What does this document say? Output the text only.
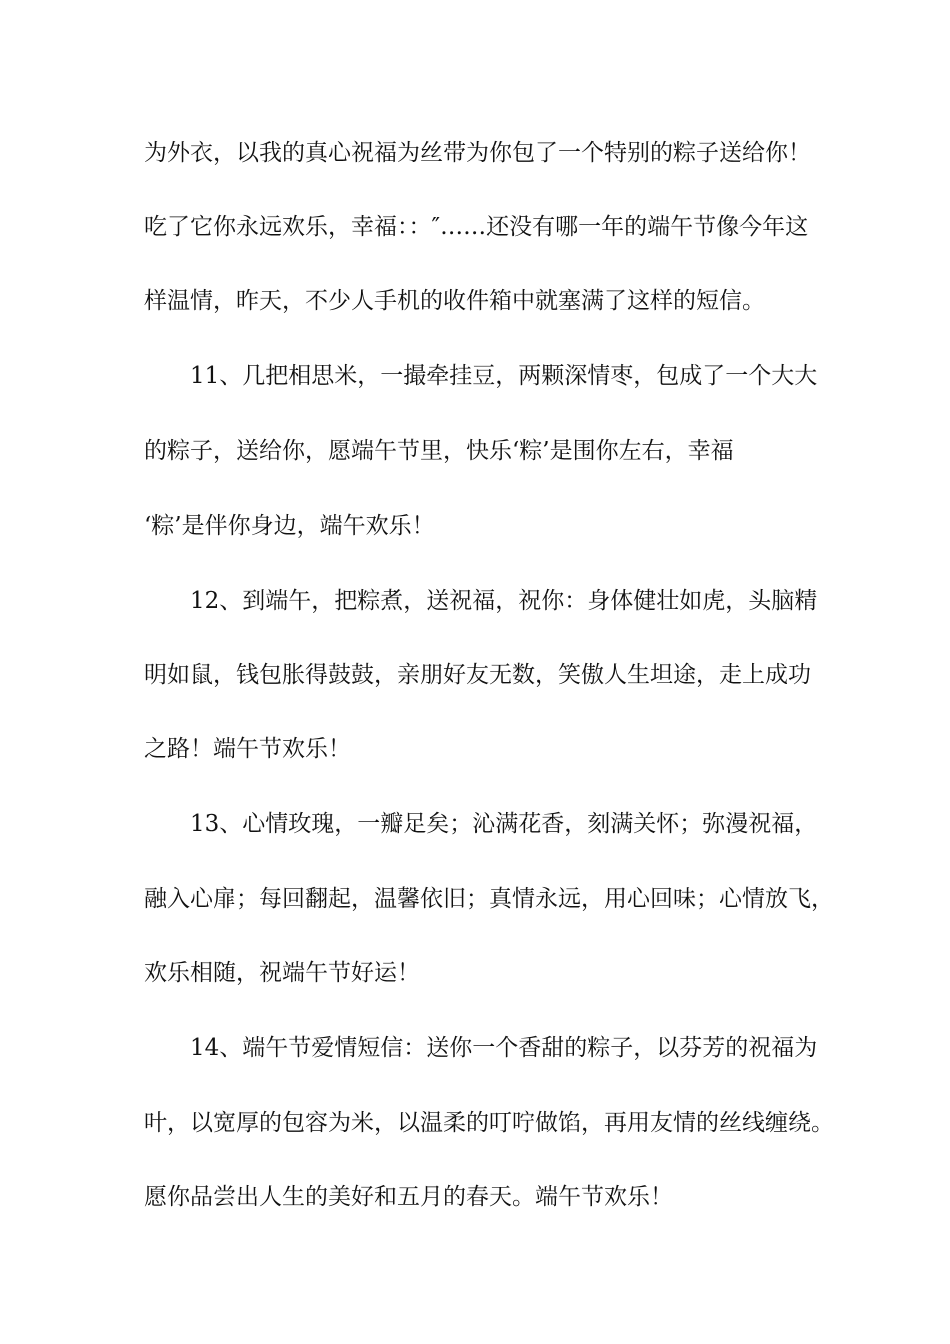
为外衣，以我的真心祝福为丝带为你包了一个特别的粽子送给你！
吃了它你永远欢乐，幸福：：″……还没有哪一年的端午节像今年这
样温情，昨天，不少人手机的收件箱中就塞满了这样的短信。
11、几把相思米，一撮牵挂豆，两颗深情枣，包成了一个大大
的粽子，送给你，愿端午节里，快乐‘粽’是围你左右，幸福
‘粽’是伴你身边，端午欢乐！
12、到端午，把粽煮，送祝福，祝你：身体健壮如虎，头脑精
明如鼠，钱包胀得鼓鼓，亲朋好友无数，笑傲人生坦途，走上成功
之路！端午节欢乐！
13、心情玫瑰，一瓣足矣；沁满花香，刻满关怀；弥漫祝福，
融入心扉；每回翻起，温馨依旧；真情永远，用心回味；心情放飞，
欢乐相随，祝端午节好运！
14、端午节爱情短信：送你一个香甜的粽子，以芬芳的祝福为
叶，以宽厚的包容为米，以温柔的叮咛做馅，再用友情的丝线缠绕。
愿你品尝出人生的美好和五月的春天。端午节欢乐！
